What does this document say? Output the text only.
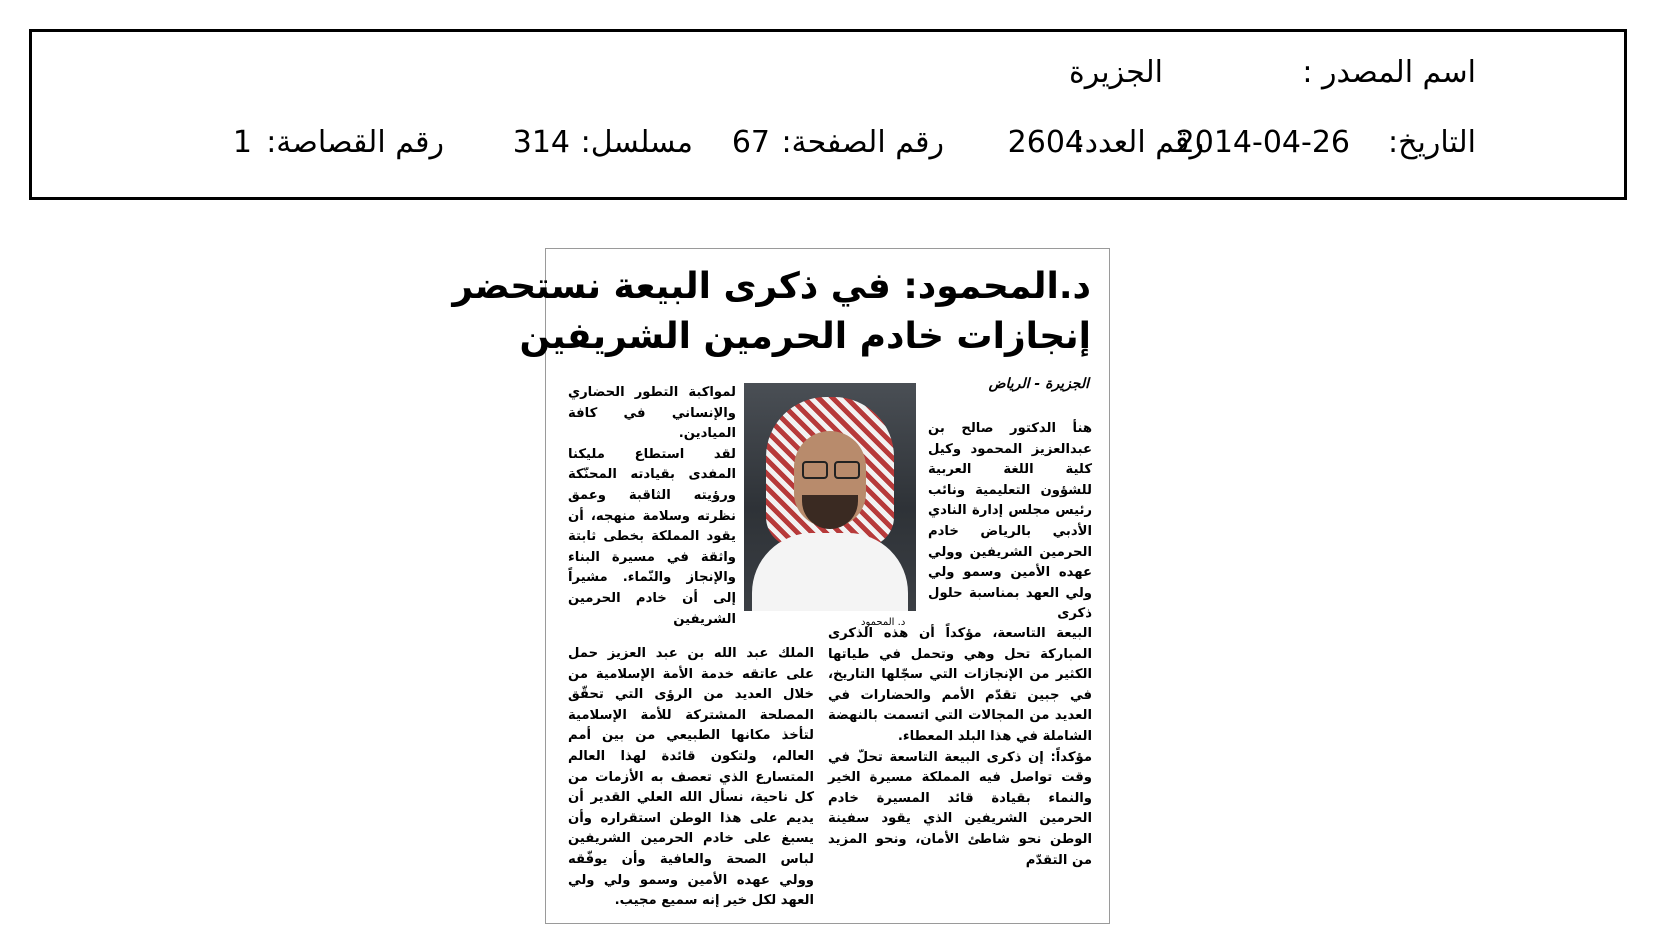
اسم المصدر :
الجزيرة
التاريخ:
2014-04-26
رقم العدد:
2604
رقم الصفحة:
67
مسلسل:
314
رقم القصاصة:
1
د.المحمود: في ذكرى البيعة نستحضر
إنجازات خادم الحرمين الشريفين
الجزيرة - الرياض
د. المحمود

هنأ الدكتور صالح بن عبدالعزيز المحمود وكيل كلية اللغة العربية للشؤون التعليمية ونائب رئيس مجلس إدارة النادي الأدبي بالرياض خادم الحرمين الشريفين وولي عهده الأمين وسمو ولي ولي العهد بمناسبة حلول ذكرى

البيعة التاسعة، مؤكداً أن هذه الذكرى المباركة تحل وهي وتحمل في طياتها الكثير من الإنجازات التي سجّلها التاريخ، في جبين تقدّم الأمم والحضارات في العديد من المجالات التي اتسمت بالنهضة الشاملة في هذا البلد المعطاء.

مؤكداً: إن ذكرى البيعة التاسعة تحلّ في وقت تواصل فيه المملكة مسيرة الخير والنماء بقيادة قائد المسيرة خادم الحرمين الشريفين الذي يقود سفينة الوطن نحو شاطئ الأمان، ونحو المزيد من التقدّم

لمواكبة التطور الحضاري والإنساني في كافة الميادين.

لقد استطاع مليكنا المفدى بقيادته المحنّكة ورؤيته الثاقبة وعمق نظرته وسلامة منهجه، أن يقود المملكة بخطى ثابتة واثقة في مسيرة البناء والإنجاز والنّماء. مشيراً إلى أن خادم الحرمين الشريفين

الملك عبد الله بن عبد العزيز حمل على عاتقه خدمة الأمة الإسلامية من خلال العديد من الرؤى التي تحقّق المصلحة المشتركة للأمة الإسلامية لتأخذ مكانها الطبيعي من بين أمم العالم، ولتكون قائدة لهذا العالم المتسارع الذي تعصف به الأزمات من كل ناحية، نسأل الله العلي القدير أن يديم على هذا الوطن استقراره وأن يسبغ على خادم الحرمين الشريفين لباس الصحة والعافية وأن يوفّقه وولي عهده الأمين وسمو ولي ولي العهد لكل خير إنه سميع مجيب.
